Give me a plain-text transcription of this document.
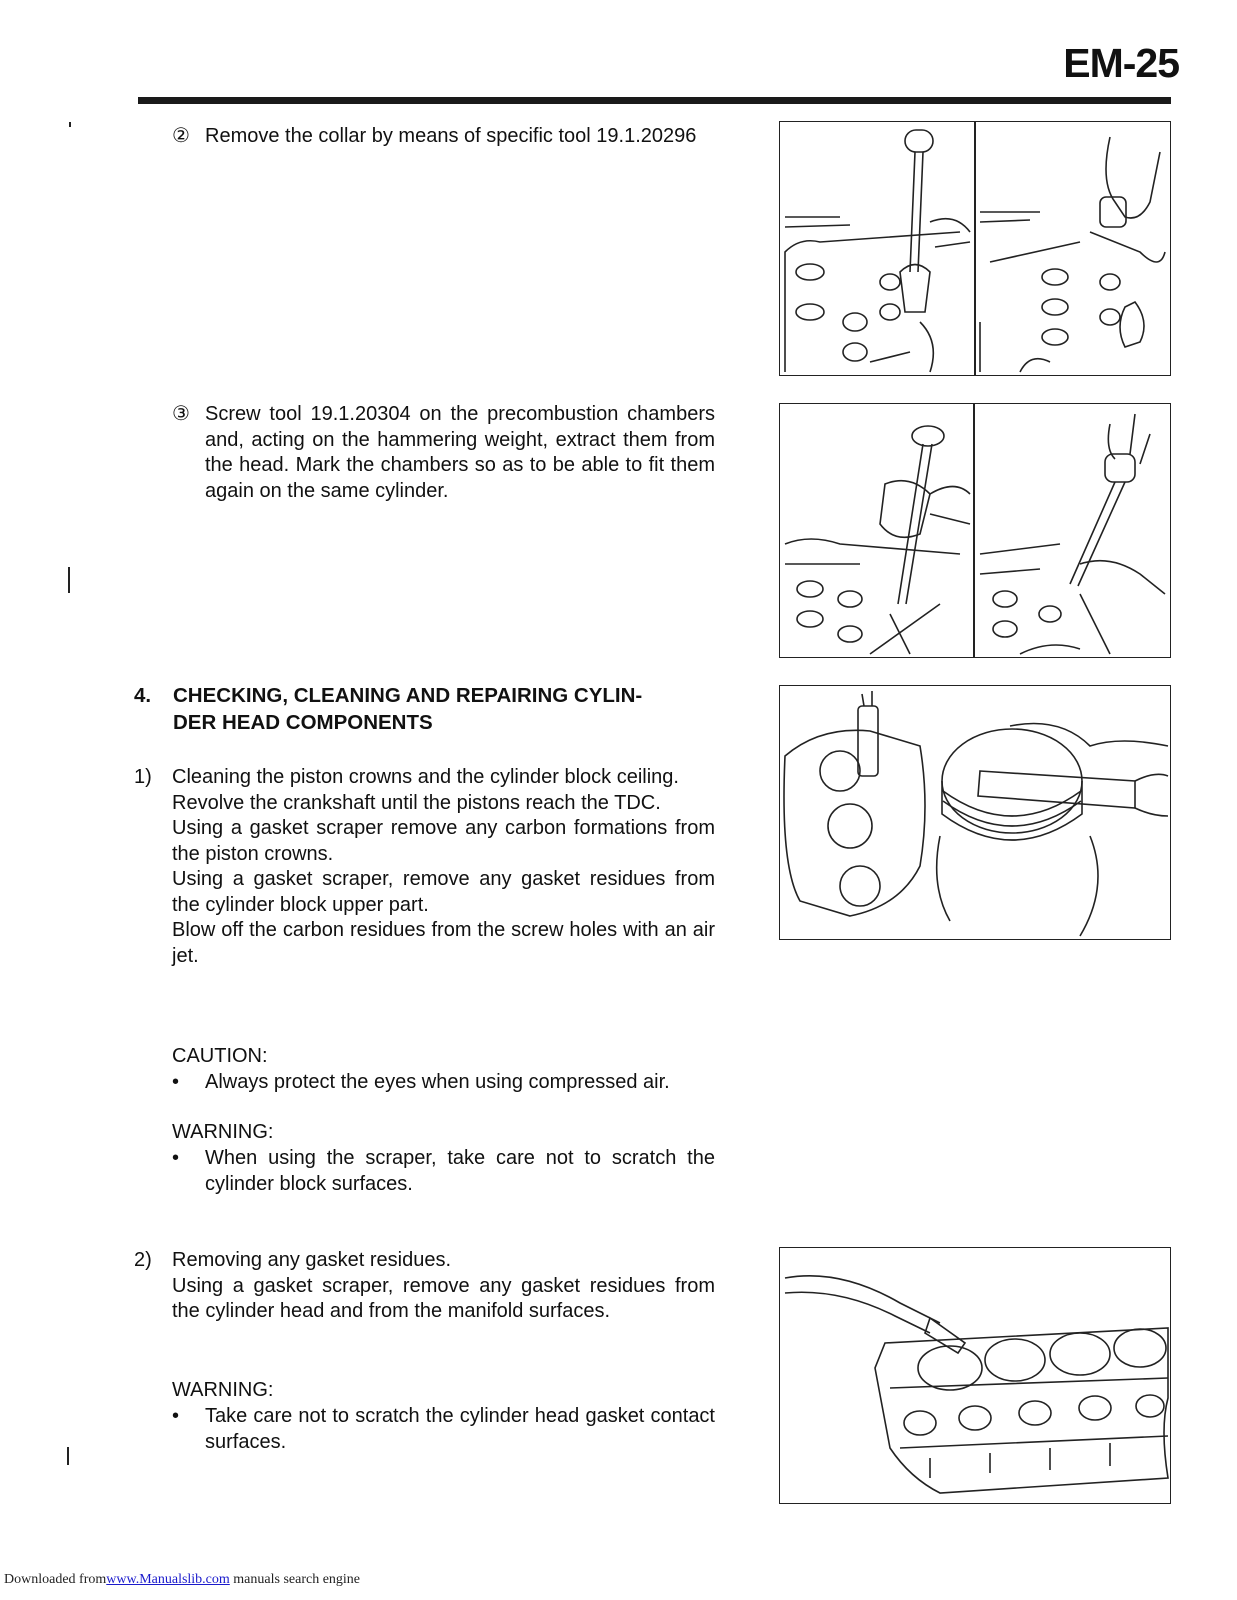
EM-25
② Remove the collar by means of specific tool 19.1.20296
③ Screw tool 19.1.20304 on the precombustion chambers and, acting on the hammering weight, extract them from the head. Mark the chambers so as to be able to fit them again on the same cylinder.
4. CHECKING, CLEANING AND REPAIRING CYLIN-
DER HEAD COMPONENTS
1) Cleaning the piston crowns and the cylinder block ceiling.
Revolve the crankshaft until the pistons reach the TDC.
Using a gasket scraper remove any carbon formations from the piston crowns.
Using a gasket scraper, remove any gasket residues from the cylinder block upper part.
Blow off the carbon residues from the screw holes with an air jet.
CAUTION:
• Always protect the eyes when using compressed air.
WARNING:
• When using the scraper, take care not to scratch the cylinder block surfaces.
2) Removing any gasket residues.
Using a gasket scraper, remove any gasket residues from the cylinder head and from the manifold surfaces.
WARNING:
• Take care not to scratch the cylinder head gasket contact surfaces.
Downloaded fromwww.Manualslib.com manuals search engine
